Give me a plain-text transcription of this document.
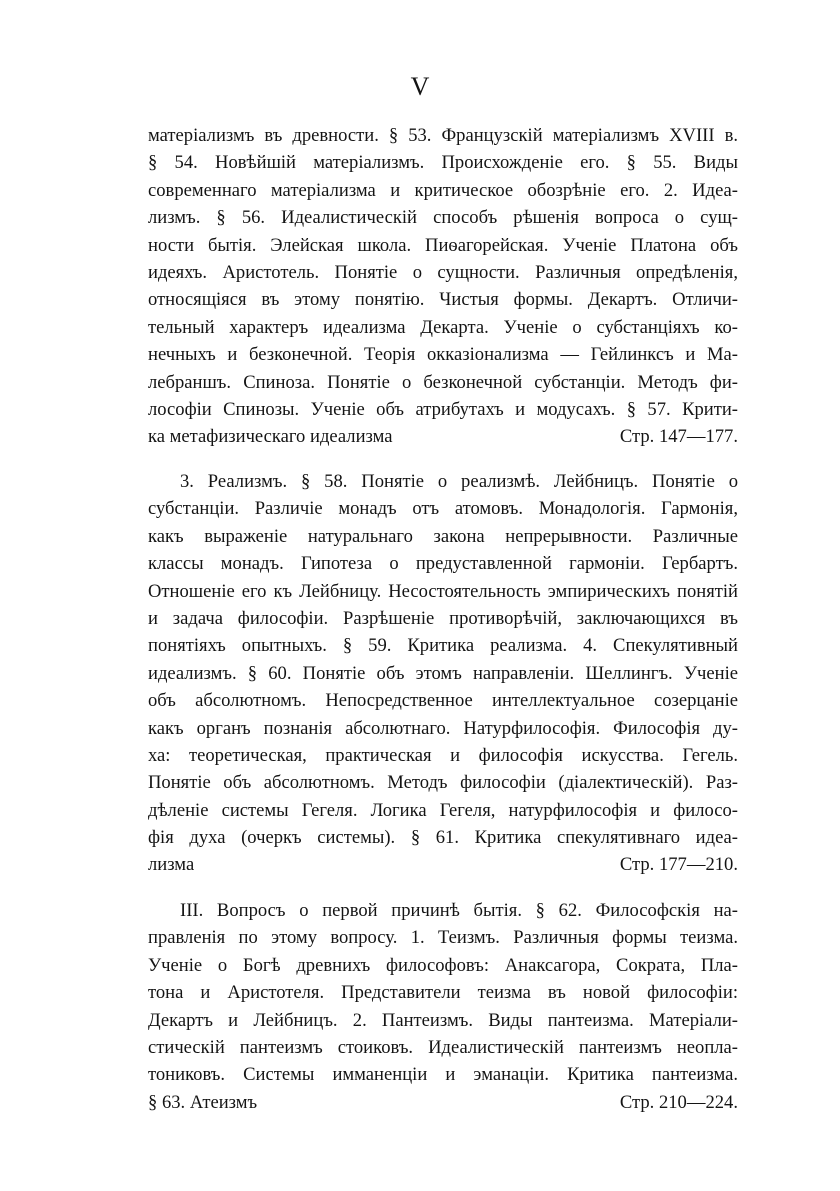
V
матеріализмъ въ древности. § 53. Французскій матеріализмъ XVIII в.
§ 54. Новѣйшій матеріализмъ. Происхожденіе его. § 55. Виды
современнаго матеріализма и критическое обозрѣніе его. 2. Идеа-
лизмъ. § 56. Идеалистическій способъ рѣшенія вопроса о сущ-
ности бытія. Элейская школа. Пиѳагорейская. Ученіе Платона объ
идеяхъ. Аристотель. Понятіе о сущности. Различныя опредѣленія,
относящіяся въ этому понятію. Чистыя формы. Декартъ. Отличи-
тельный характеръ идеализма Декарта. Ученіе о субстанціяхъ ко-
нечныхъ и безконечной. Теорія окказіонализма — Гейлинксъ и Ма-
лебраншъ. Спиноза. Понятіе о безконечной субстанціи. Методъ фи-
лософіи Спинозы. Ученіе объ атрибутахъ и модусахъ. § 57. Крити-
ка метафизическаго идеализма	Стр. 147—177.
3. Реализмъ. § 58. Понятіе о реализмѣ. Лейбницъ. Понятіе о
субстанціи. Различіе монадъ отъ атомовъ. Монадологія. Гармонія,
какъ выраженіе натуральнаго закона непрерывности. Различные
классы монадъ. Гипотеза о предуставленной гармоніи. Гербартъ.
Отношеніе его къ Лейбницу. Несостоятельность эмпирическихъ понятій
и задача философіи. Разрѣшеніе противорѣчій, заключающихся въ
понятіяхъ опытныхъ. § 59. Критика реализма. 4. Спекулятивный
идеализмъ. § 60. Понятіе объ этомъ направленіи. Шеллингъ. Ученіе
объ абсолютномъ. Непосредственное интеллектуальное созерцаніе
какъ органъ познанія абсолютнаго. Натурфилософія. Философія ду-
ха: теоретическая, практическая и философія искусства. Гегель.
Понятіе объ абсолютномъ. Методъ философіи (діалектическій). Раз-
дѣленіе системы Гегеля. Логика Гегеля, натурфилософія и филосо-
фія духа (очеркъ системы). § 61. Критика спекулятивнаго идеа-
лизма	Стр. 177—210.
III. Вопросъ о первой причинѣ бытія. § 62. Философскія на-
правленія по этому вопросу. 1. Теизмъ. Различныя формы теизма.
Ученіе о Богѣ древнихъ философовъ: Анаксагора, Сократа, Пла-
тона и Аристотеля. Представители теизма въ новой философіи:
Декартъ и Лейбницъ. 2. Пантеизмъ. Виды пантеизма. Матеріали-
стическій пантеизмъ стоиковъ. Идеалистическій пантеизмъ неопла-
тониковъ. Системы имманенціи и эманаціи. Критика пантеизма.
§ 63. Атеизмъ	Стр. 210—224.
